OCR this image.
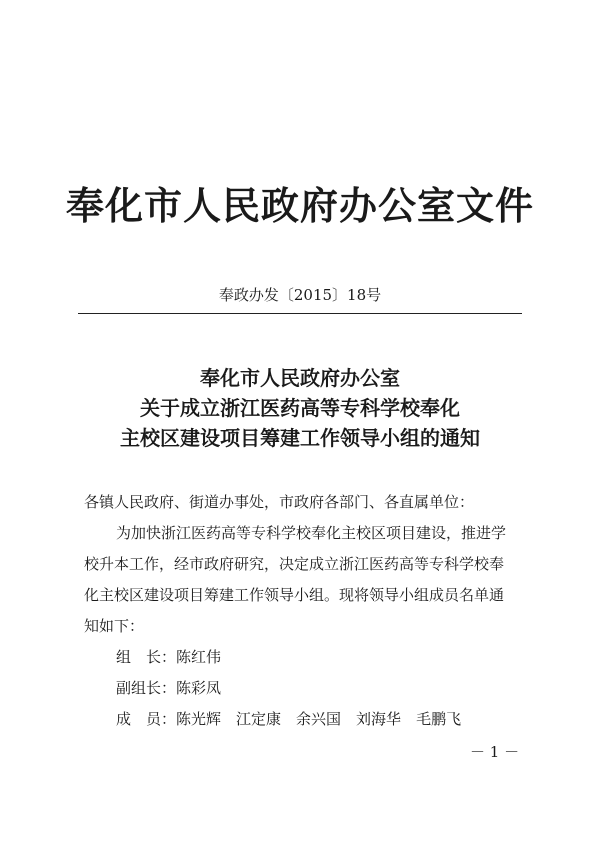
奉化市人民政府办公室文件
奉政办发〔2015〕18号
奉化市人民政府办公室
关于成立浙江医药高等专科学校奉化
主校区建设项目筹建工作领导小组的通知
各镇人民政府、街道办事处，市政府各部门、各直属单位：
为加快浙江医药高等专科学校奉化主校区项目建设，推进学
校升本工作，经市政府研究，决定成立浙江医药高等专科学校奉
化主校区建设项目筹建工作领导小组。现将领导小组成员名单通
知如下：
组　长：陈红伟
副组长：陈彩凤
成　员：陈光辉 江定康 余兴国 刘海华 毛鹏飞
－ 1 －
